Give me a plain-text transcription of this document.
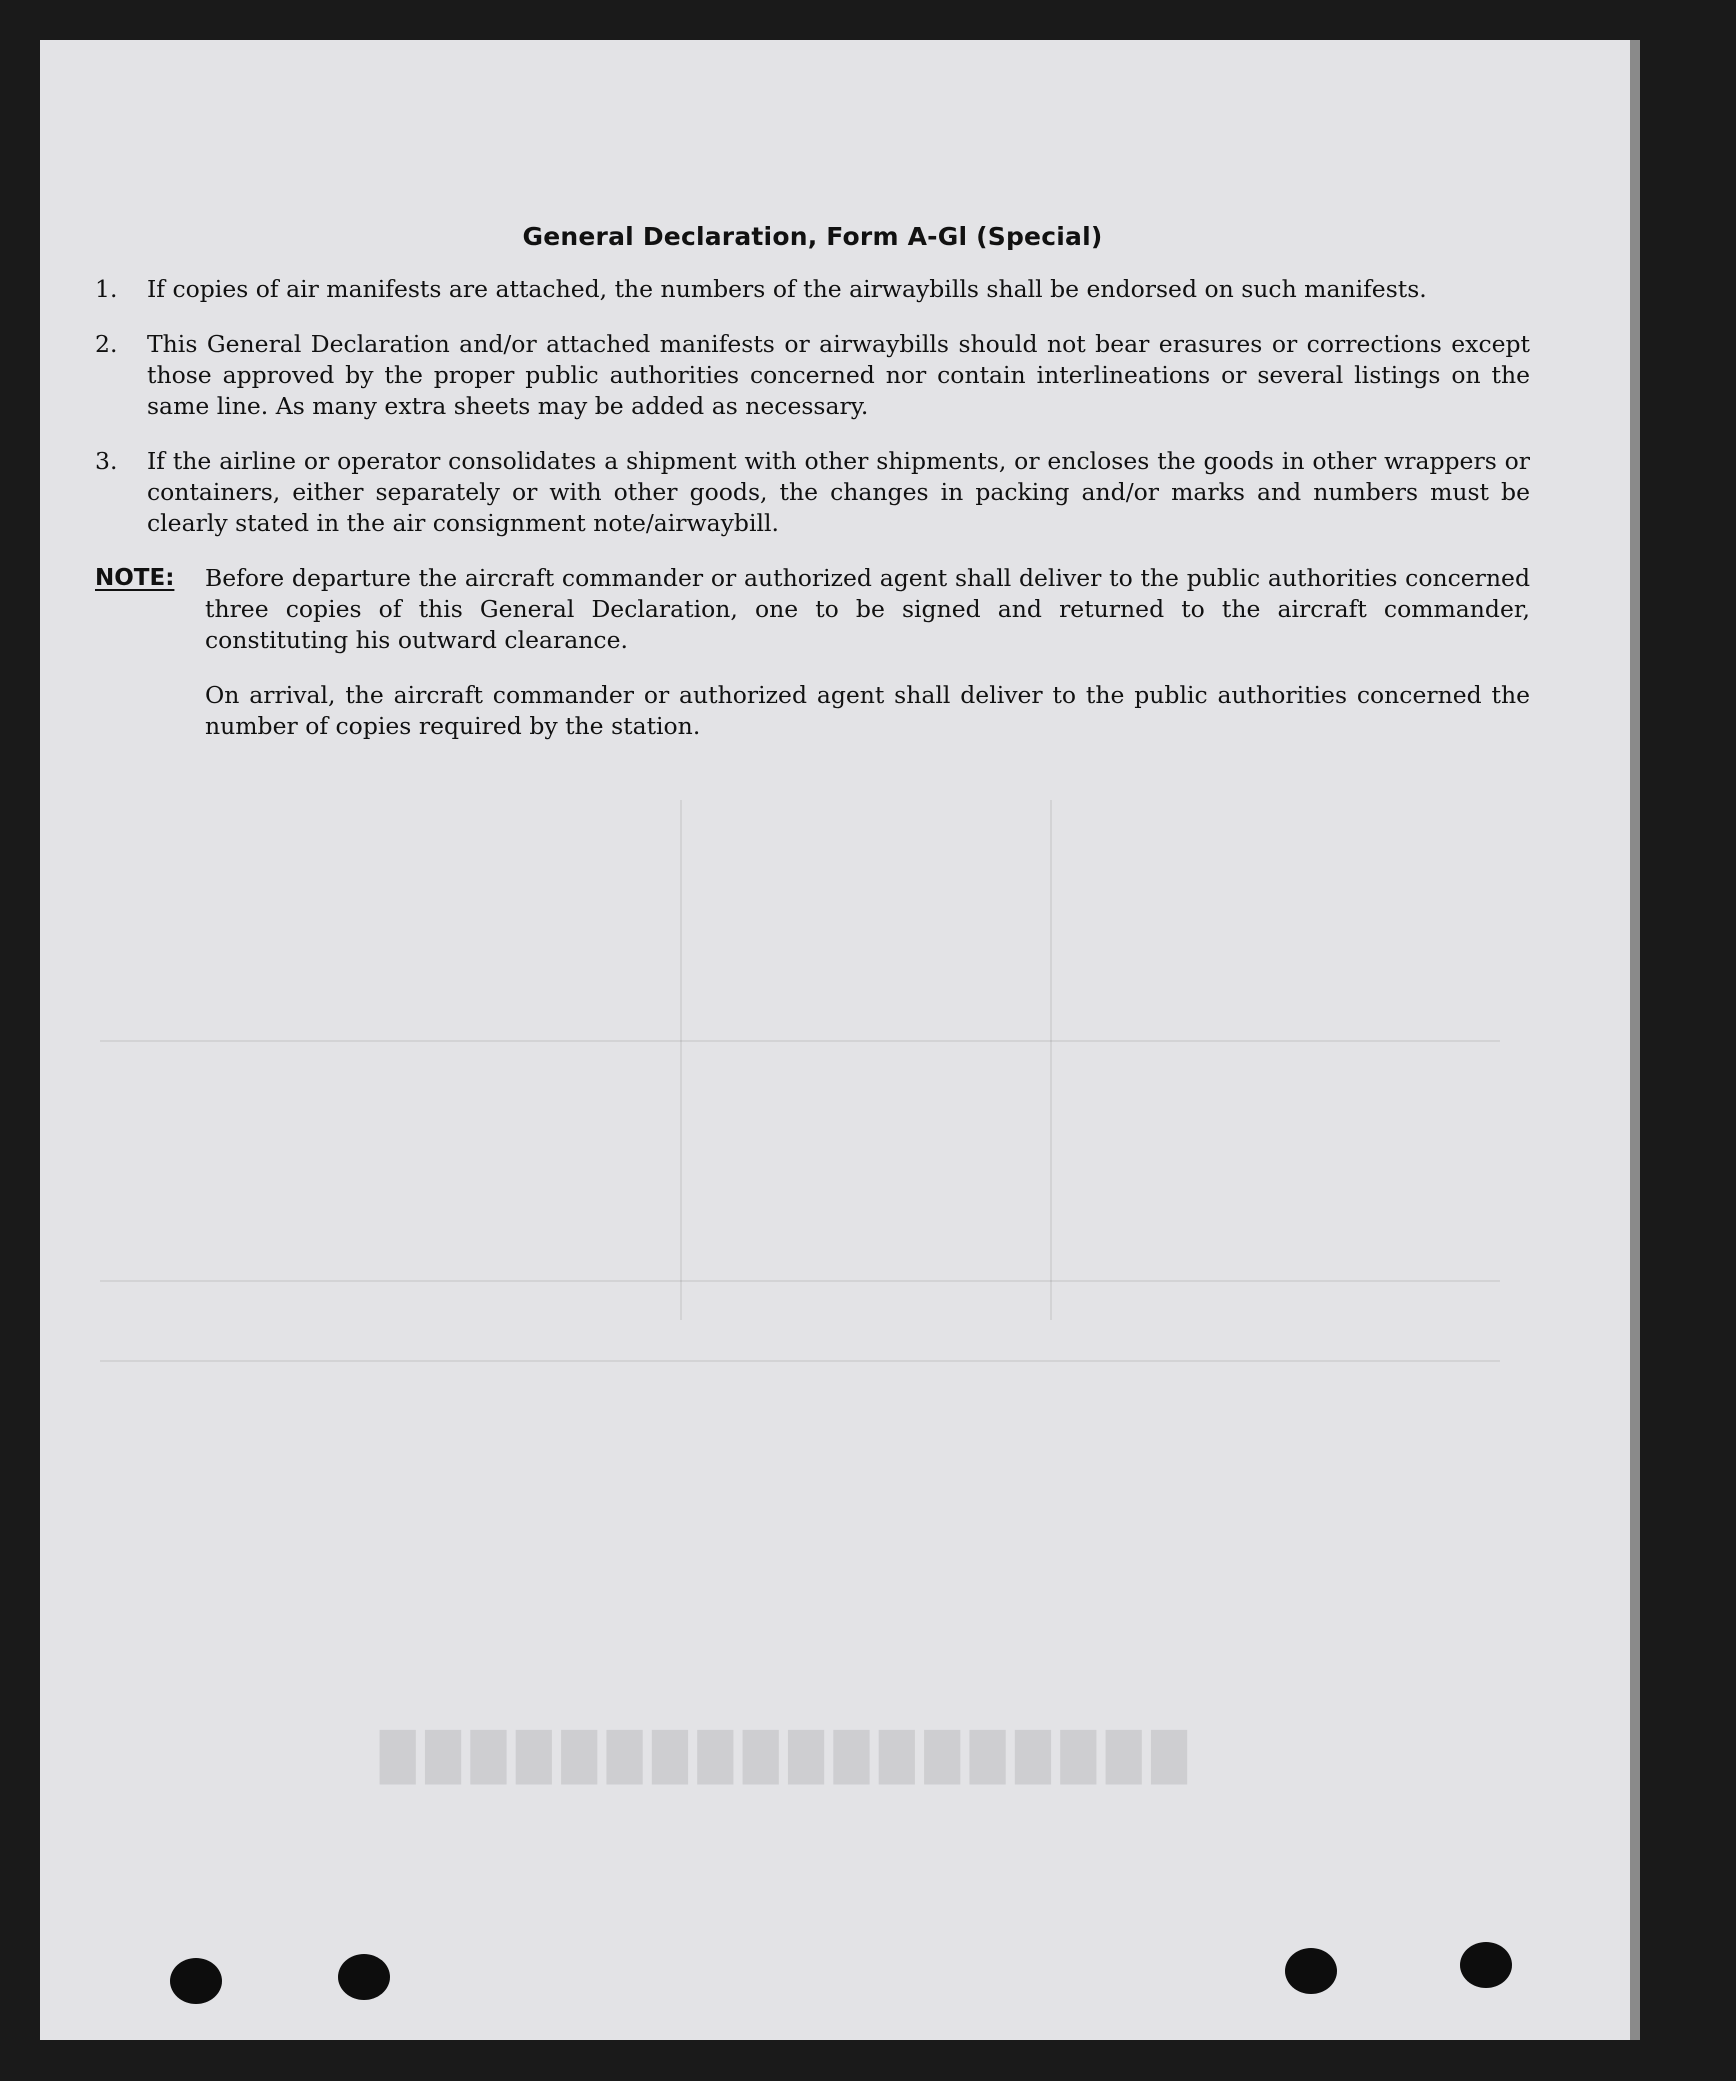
██████████████████
General Declaration, Form A-Gl (Special)
1.	If copies of air manifests are attached, the numbers of the airwaybills shall be endorsed on such manifests.
2.	This General Declaration and/or attached manifests or airwaybills should not bear erasures or corrections except those approved by the proper public authorities concerned nor contain interlineations or several listings on the same line. As many extra sheets may be added as necessary.
3.	If the airline or operator consolidates a shipment with other shipments, or encloses the goods in other wrappers or containers, either separately or with other goods, the changes in packing and/or marks and numbers must be clearly stated in the air consignment note/airwaybill.
NOTE:	Before departure the aircraft commander or authorized agent shall deliver to the public authorities concerned three copies of this General Declaration, one to be signed and returned to the aircraft commander, constituting his outward clearance.
On arrival, the aircraft commander or authorized agent shall deliver to the public authorities concerned the number of copies required by the station.
